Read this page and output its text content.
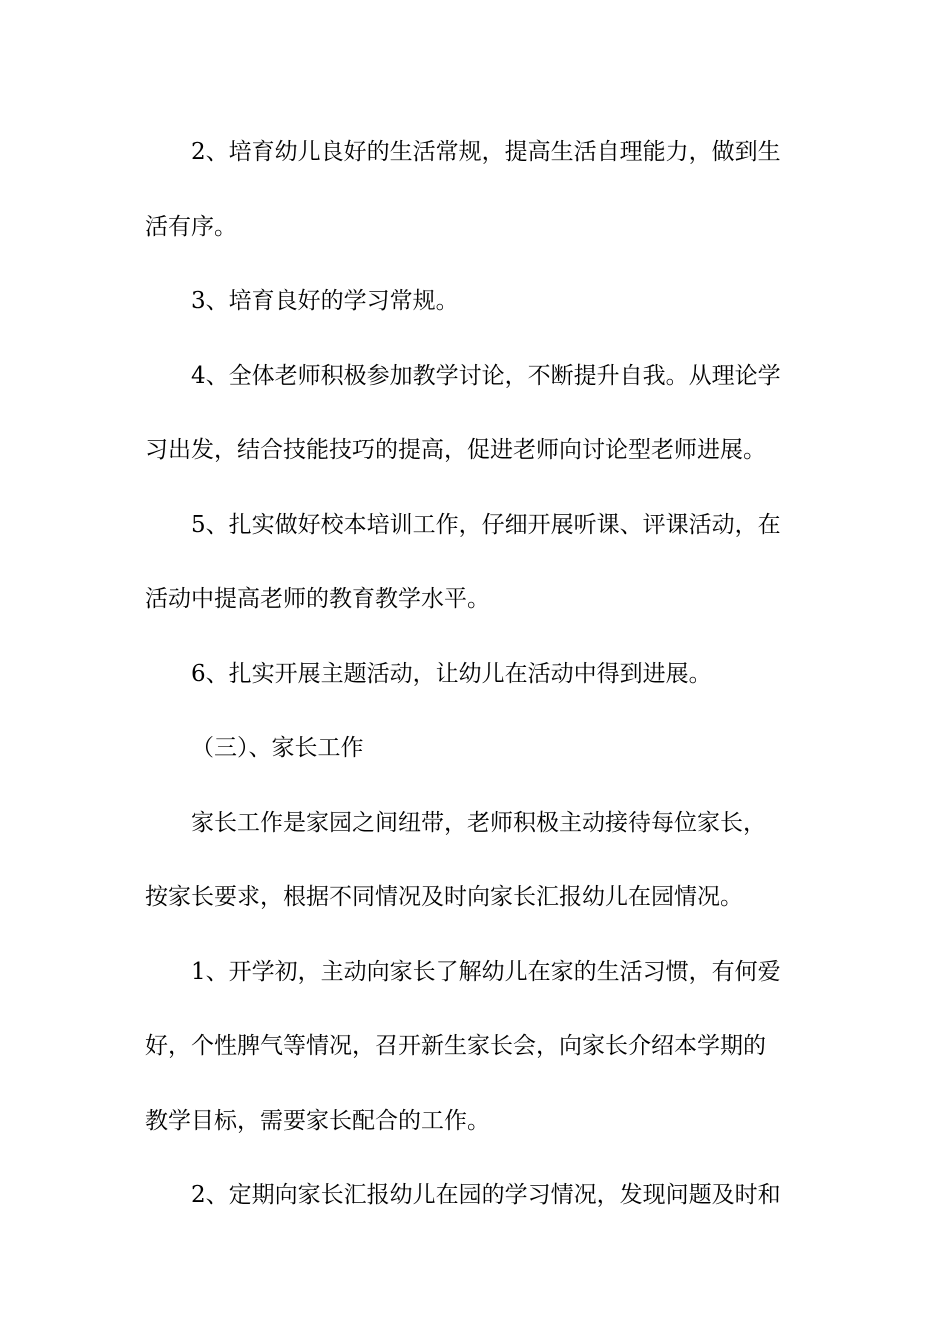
2、培育幼儿良好的生活常规，提高生活自理能力，做到生
活有序。
3、培育良好的学习常规。
4、全体老师积极参加教学讨论，不断提升自我。从理论学
习出发，结合技能技巧的提高，促进老师向讨论型老师进展。
5、扎实做好校本培训工作，仔细开展听课、评课活动，在
活动中提高老师的教育教学水平。
6、扎实开展主题活动，让幼儿在活动中得到进展。
（三）、家长工作
家长工作是家园之间纽带，老师积极主动接待每位家长，
按家长要求，根据不同情况及时向家长汇报幼儿在园情况。
1、开学初，主动向家长了解幼儿在家的生活习惯，有何爱
好，个性脾气等情况，召开新生家长会，向家长介绍本学期的
教学目标，需要家长配合的工作。
2、定期向家长汇报幼儿在园的学习情况，发现问题及时和
